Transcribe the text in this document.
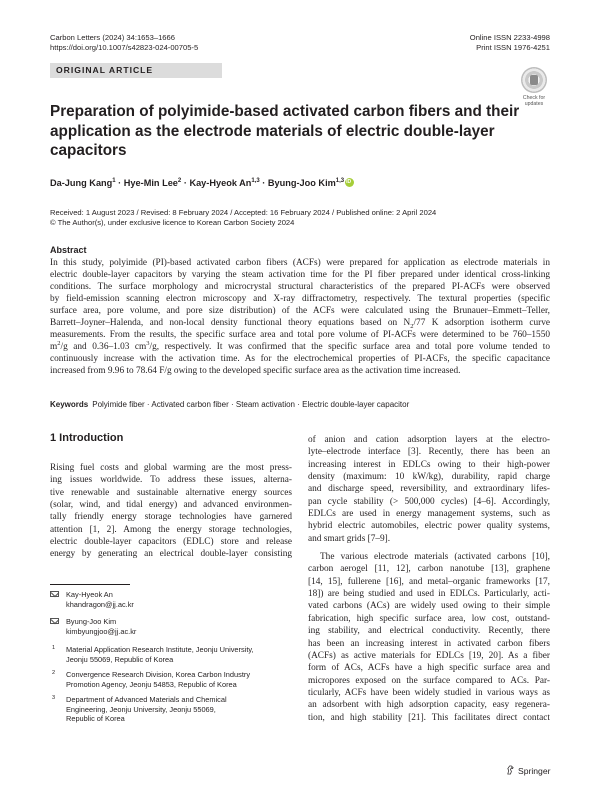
Carbon Letters (2024) 34:1653–1666
https://doi.org/10.1007/s42823-024-00705-5
Online ISSN 2233-4998
Print ISSN 1976-4251
ORIGINAL ARTICLE
Check for
updates
Preparation of polyimide-based activated carbon fibers and their application as the electrode materials of electric double-layer capacitors
Da-Jung Kang$^1$ · Hye-Min Lee$^2$ · Kay-Hyeok An$^{1,3}$ · Byung-Joo Kim$^{1,3}$iD
Received: 1 August 2023 / Revised: 8 February 2024 / Accepted: 16 February 2024 / Published online: 2 April 2024
© The Author(s), under exclusive licence to Korean Carbon Society 2024
Abstract
In this study, polyimide (PI)-based activated carbon fibers (ACFs) were prepared for application as electrode materials in
electric double-layer capacitors by varying the steam activation time for the PI fiber prepared under identical cross-linking
conditions. The surface morphology and microcrystal structural characteristics of the prepared PI-ACFs were observed
by field-emission scanning electron microscopy and X-ray diffractometry, respectively. The textural properties (specific
surface area, pore volume, and pore size distribution) of the ACFs were calculated using the Brunauer–Emmett–Teller,
Barrett–Joyner–Halenda, and non-local density functional theory equations based on $N_2/77$ K adsorption isotherm curve
measurements. From the results, the specific surface area and total pore volume of PI-ACFs were determined to be 760–1550
$m^2/g$ and 0.36–1.03 $cm^3/g$, respectively. It was confirmed that the specific surface area and total pore volume tended to
continuously increase with the activation time. As for the electrochemical properties of PI-ACFs, the specific capacitance
increased from 9.96 to 78.64 F/g owing to the developed specific surface area as the activation time increased.
Keywords Polyimide fiber · Activated carbon fiber · Steam activation · Electric double-layer capacitor
1 Introduction
Rising fuel costs and global warming are the most press-
ing issues worldwide. To address these issues, alterna-
tive renewable and sustainable alternative energy sources
(solar, wind, and tidal energy) and advanced environmen-
tally friendly energy storage technologies have garnered
attention [1, 2]. Among the energy storage technologies,
electric double-layer capacitors (EDLC) store and release
energy by generating an electrical double-layer consisting
of anion and cation adsorption layers at the electro-
lyte–electrode interface [3]. Recently, there has been an
increasing interest in EDLCs owing to their high-power
density (maximum: 10 kW/kg), durability, rapid charge
and discharge speed, reversibility, and extraordinary lifes-
pan cycle stability (> 500,000 cycles) [4–6]. Accordingly,
EDLCs are used in energy management systems, such as
hybrid electric automobiles, electric power quality systems,
and smart grids [7–9].
The various electrode materials (activated carbons [10],
carbon aerogel [11, 12], carbon nanotube [13], graphene
[14, 15], fullerene [16], and metal–organic frameworks [17,
18]) are being studied and used in EDLCs. Particularly, acti-
vated carbons (ACs) are widely used owing to their simple
fabrication, high specific surface area, low cost, outstand-
ing stability, and electrical conductivity. Recently, there
has been an increasing interest in activated carbon fibers
(ACFs) as active materials for EDLCs [19, 20]. As a fiber
form of ACs, ACFs have a high specific surface area and
micropores exposed on the surface compared to ACs. Par-
ticularly, ACFs have been widely studied in various ways as
an adsorbent with high adsorption capacity, easy regenera-
tion, and high stability [21]. This facilitates direct contact
Kay-Hyeok An
khandragon@jj.ac.kr
Byung-Joo Kim
kimbyungjoo@jj.ac.kr
1 Material Application Research Institute, Jeonju University,
Jeonju 55069, Republic of Korea
2 Convergence Research Division, Korea Carbon Industry
Promotion Agency, Jeonju 54853, Republic of Korea
3 Department of Advanced Materials and Chemical
Engineering, Jeonju University, Jeonju 55069,
Republic of Korea
Springer
